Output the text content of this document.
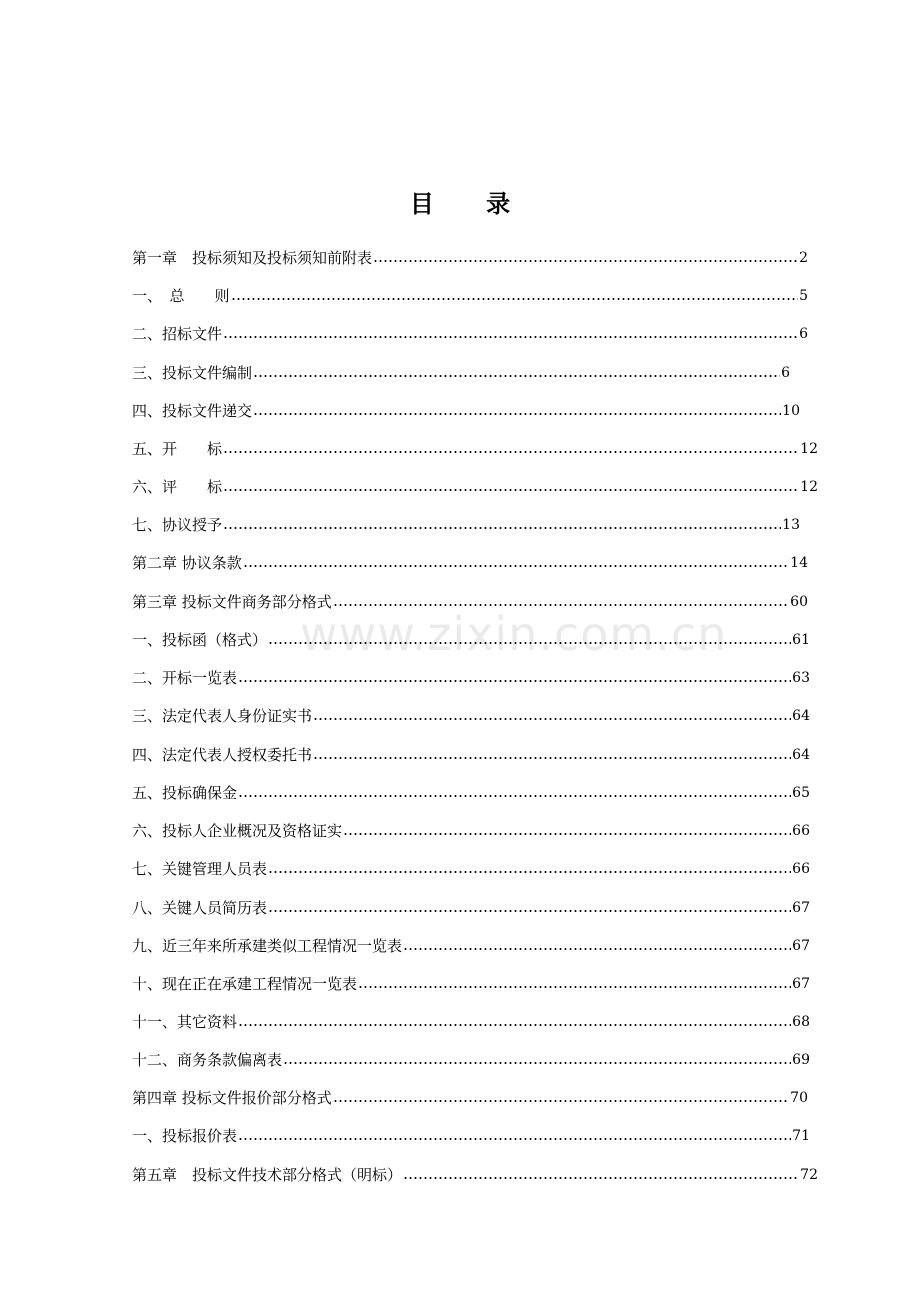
目 录
www.zixin.com.cn
第一章　投标须知及投标须知前附表	2
一、　总　　则	5
二、招标文件	6
三、投标文件编制	6
四、投标文件递交	10
五、开　　标	12
六、评　　标	12
七、协议授予	13
第二章 协议条款	14
第三章 投标文件商务部分格式	60
一、投标函（格式）	61
二、开标一览表	63
三、法定代表人身份证实书	64
四、法定代表人授权委托书	64
五、投标确保金	65
六、投标人企业概况及资格证实	66
七、关键管理人员表	66
八、关键人员简历表	67
九、近三年来所承建类似工程情况一览表	67
十、现在正在承建工程情况一览表	67
十一、其它资料	68
十二、商务条款偏离表	69
第四章 投标文件报价部分格式	70
一、投标报价表	71
第五章　投标文件技术部分格式（明标）	72
